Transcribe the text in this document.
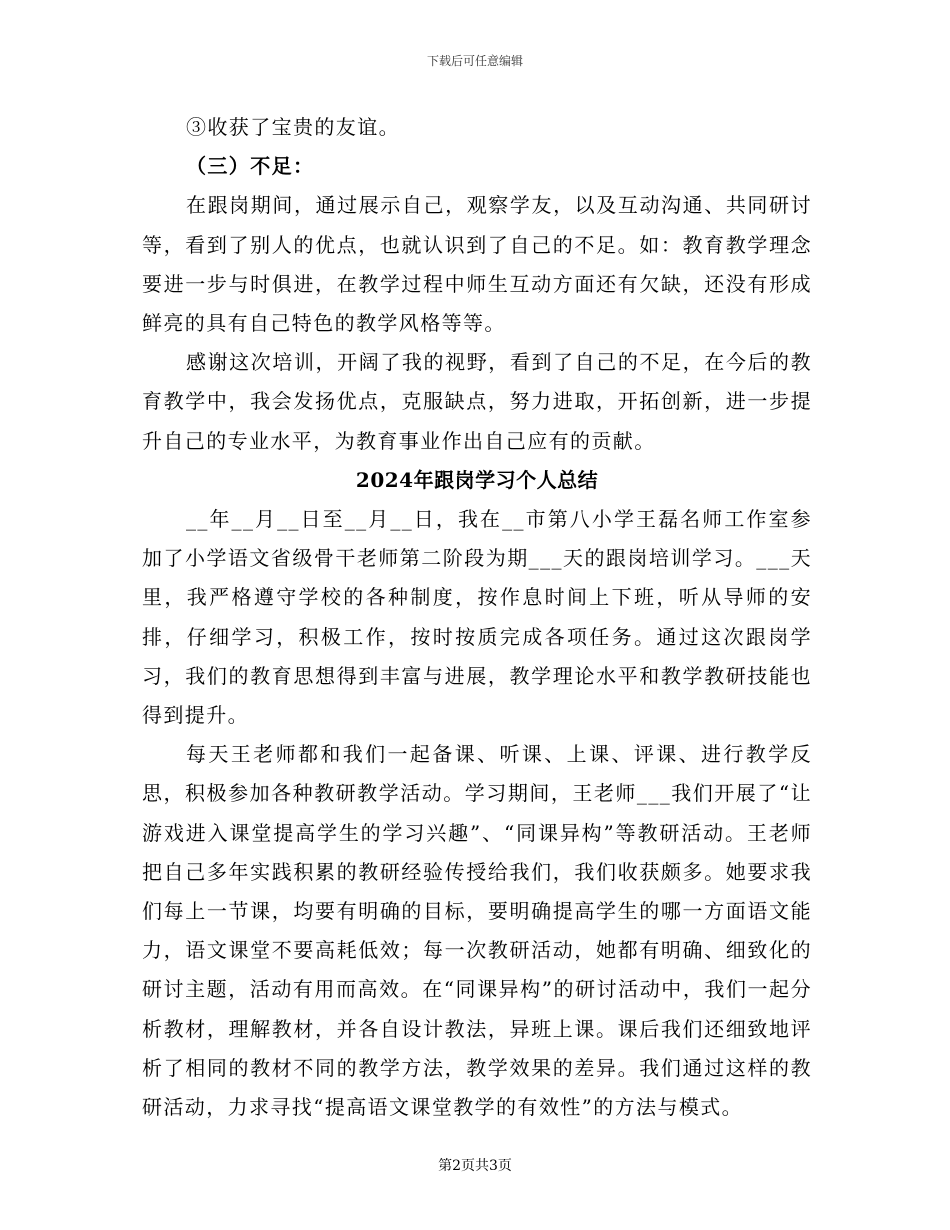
下载后可任意编辑

③收获了宝贵的友谊。

（三）不足：

在跟岗期间，通过展示自己，观察学友，以及互动沟通、共同研讨等，看到了别人的优点，也就认识到了自己的不足。如：教育教学理念要进一步与时俱进，在教学过程中师生互动方面还有欠缺，还没有形成鲜亮的具有自己特色的教学风格等等。

感谢这次培训，开阔了我的视野，看到了自己的不足，在今后的教育教学中，我会发扬优点，克服缺点，努力进取，开拓创新，进一步提升自己的专业水平，为教育事业作出自己应有的贡献。

2024年跟岗学习个人总结

__年__月__日至__月__日，我在__市第八小学王磊名师工作室参加了小学语文省级骨干老师第二阶段为期___天的跟岗培训学习。___天里，我严格遵守学校的各种制度，按作息时间上下班，听从导师的安排，仔细学习，积极工作，按时按质完成各项任务。通过这次跟岗学习，我们的教育思想得到丰富与进展，教学理论水平和教学教研技能也得到提升。

每天王老师都和我们一起备课、听课、上课、评课、进行教学反思，积极参加各种教研教学活动。学习期间，王老师___我们开展了“让游戏进入课堂提高学生的学习兴趣”、“同课异构”等教研活动。王老师把自己多年实践积累的教研经验传授给我们，我们收获颇多。她要求我们每上一节课，均要有明确的目标，要明确提高学生的哪一方面语文能力，语文课堂不要高耗低效；每一次教研活动，她都有明确、细致化的研讨主题，活动有用而高效。在“同课异构”的研讨活动中，我们一起分析教材，理解教材，并各自设计教法，异班上课。课后我们还细致地评析了相同的教材不同的教学方法，教学效果的差异。我们通过这样的教研活动，力求寻找“提高语文课堂教学的有效性”的方法与模式。

第2页共3页
